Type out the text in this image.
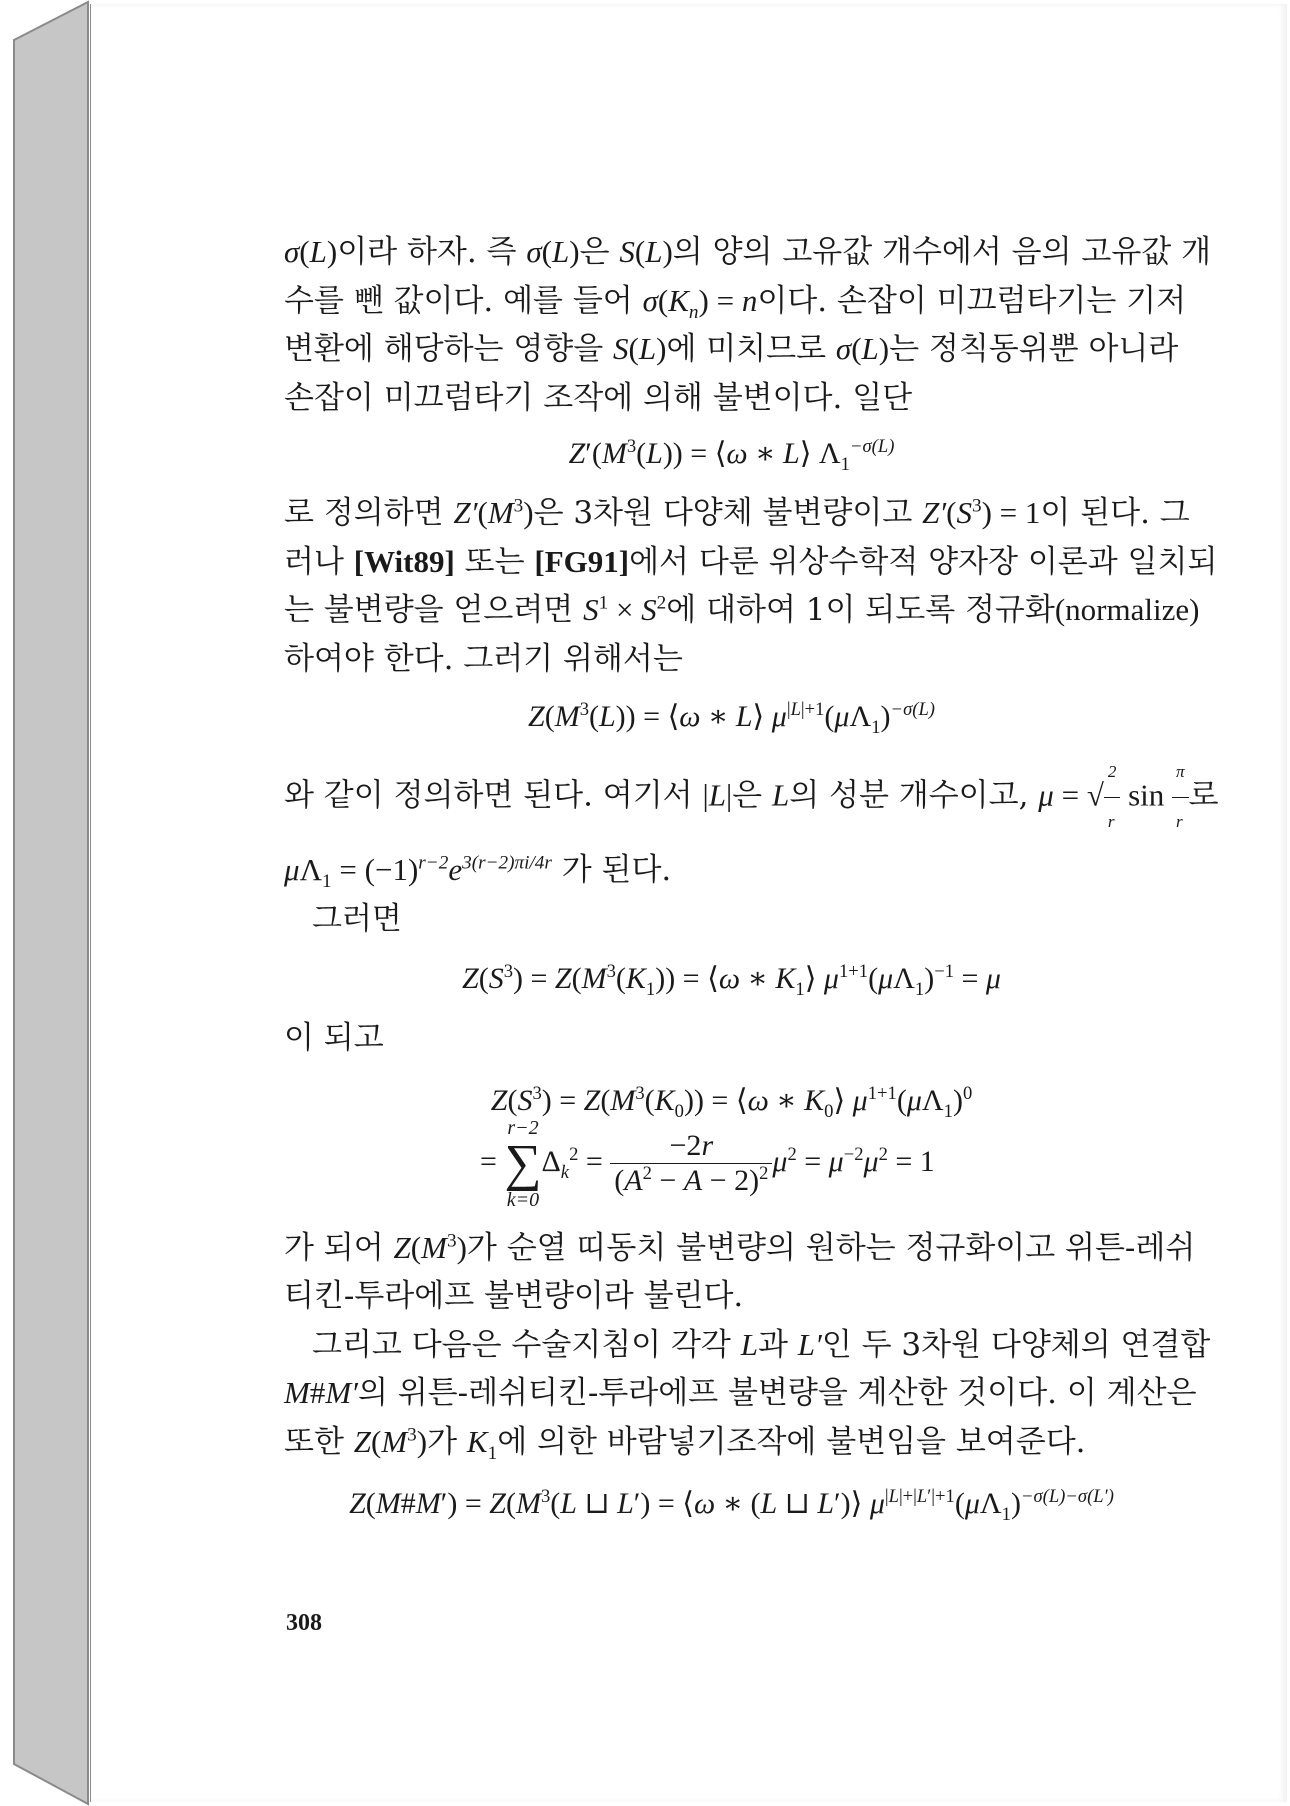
σ(L)이라 하자. 즉 σ(L)은 S(L)의 양의 고유값 개수에서 음의 고유값 개
수를 뺀 값이다. 예를 들어 $\sigma(K_n) = n$이다. 손잡이 미끄럼타기는 기저
변환에 해당하는 영향을 S(L)에 미치므로 σ(L)는 정칙동위뿐 아니라
손잡이 미끄럼타기 조작에 의해 불변이다. 일단

$Z'(M^3(L))$ = ⟨ω ∗ L⟩ $\Lambda_1^{-\sigma(L)}$

로 정의하면 $Z'(M^3)$은 3차원 다양체 불변량이고 $Z'(S^3) = 1$이 된다. 그
러나 [Wit89] 또는 [FG91]에서 다룬 위상수학적 양자장 이론과 일치되
는 불변량을 얻으려면 $S^1 \times S^2$에 대하여 1이 되도록 정규화(normalize)
하여야 한다. 그러기 위해서는

$Z(M^3(L))$ = ⟨ω ∗ L⟩ $\mu^{|L|+1}(\mu\Lambda_1)^{-\sigma(L)}$

와 같이 정의하면 된다. 여기서 |L|은 L의 성분 개수이고, μ = √ $\frac{2}{r}$ $\sin \frac{\pi}{r}$
$\mu\Lambda_1 = (-1)^{r-2}e^{3(r-2)\pi i/4r}$ 가 된다.

그러면

$Z(S^3) = Z(M^3(K_1))$ = ⟨ω ∗ $K_1⟩$ $\mu^{1+1}(\mu\Lambda_1)^{-1} = \mu$

이 되고

$Z(S^3) = Z(M^3(K_0))$ = ⟨ω ∗ $K_0⟩$ $\mu^{1+1}(\mu\Lambda_1)^0$

=
r−2
∑
k=0
$\Delta_k^2 = \frac{-2r}{(A^2 - A - 2)^2} \mu^2 = \mu^{-2}\mu^2 = 1$

가 되어 $Z(M^3)$가 순열 띠동치 불변량의 원하는 정규화이고 위튼-레쉬
티킨-투라에프 불변량이라 불린다.

그리고 다음은 수술지침이 각각 L과 L′인 두 3차원 다양체의 연결합
M#M′의 위튼-레쉬티킨-투라에프 불변량을 계산한 것이다. 이 계산은
또한 $Z(M^3)$가 $K_1$에 의한 바람넣기조작에 불변임을 보여준다.

Z(M#M′) = $Z(M^3(L$ ⊔ L′) = ⟨ω ∗ (L ⊔ L′)⟩ $\mu^{|L|+|L'|+1}(\mu\Lambda_1)^{-\sigma(L)-\sigma(L')}$

308
